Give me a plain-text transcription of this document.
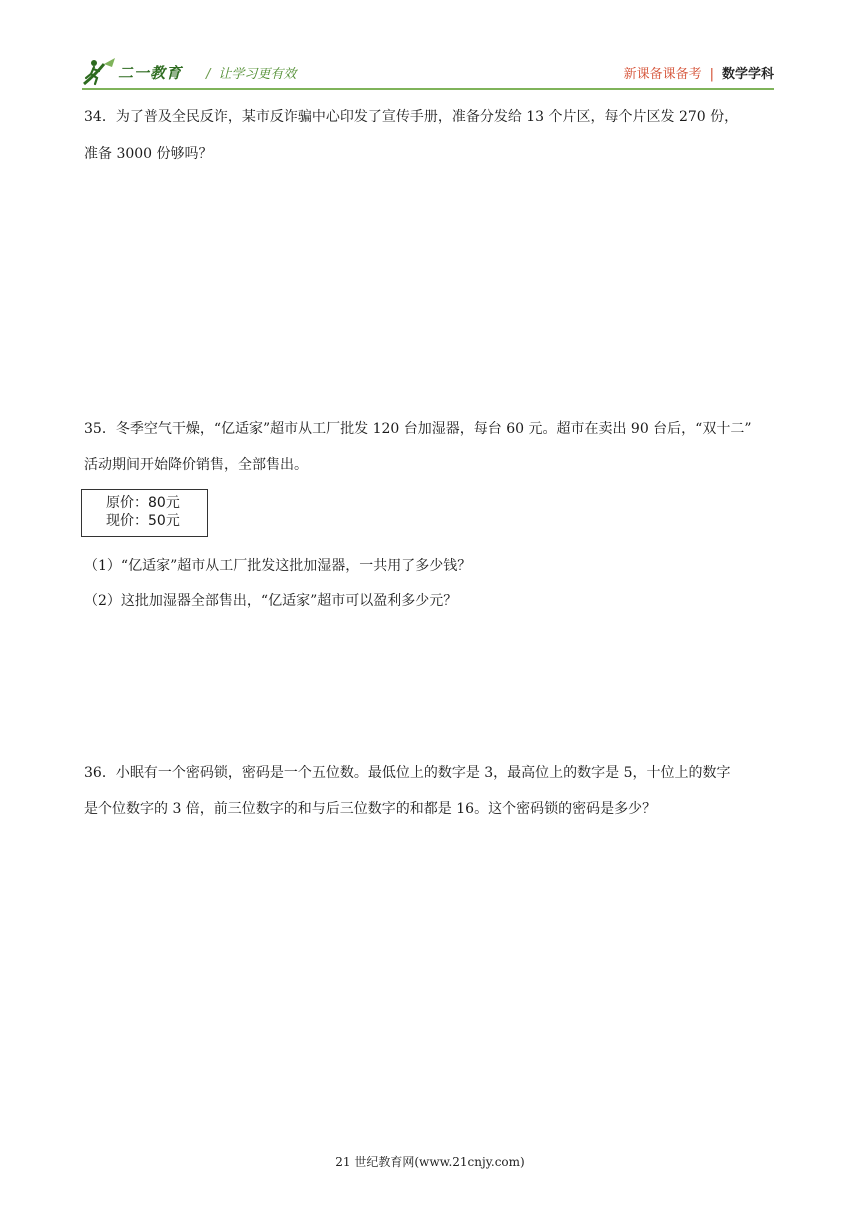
二一教育 / 让学习更有效	新课备课备考 | 数学学科

34．为了普及全民反诈，某市反诈骗中心印发了宣传手册，准备分发给 13 个片区，每个片区发 270 份，

准备 3000 份够吗？

35．冬季空气干燥，“亿适家”超市从工厂批发 120 台加湿器，每台 60 元。超市在卖出 90 台后，“双十二”

活动期间开始降价销售，全部售出。

原价：80元
现价：50元

（1）“亿适家”超市从工厂批发这批加湿器，一共用了多少钱？

（2）这批加湿器全部售出，“亿适家”超市可以盈利多少元？

36．小眠有一个密码锁，密码是一个五位数。最低位上的数字是 3，最高位上的数字是 5，十位上的数字

是个位数字的 3 倍，前三位数字的和与后三位数字的和都是 16。这个密码锁的密码是多少？

21 世纪教育网(www.21cnjy.com)
